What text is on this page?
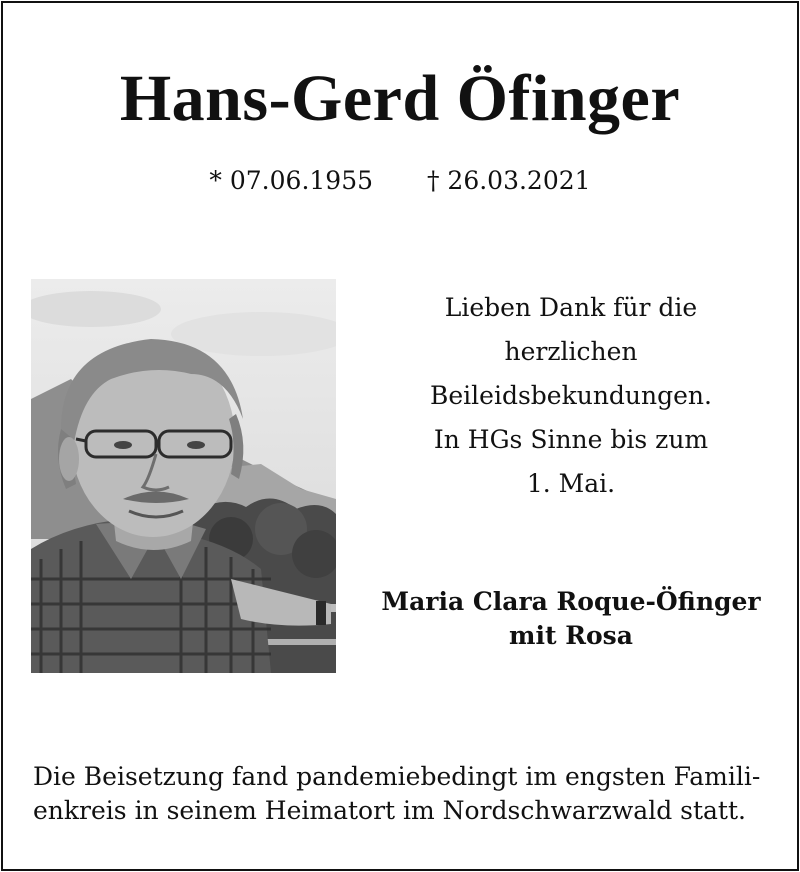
Hans-Gerd Öfinger
* 07.06.1955 † 26.03.2021
Lieben Dank für die
herzlichen
Beileidsbekundungen.
In HGs Sinne bis zum
1. Mai.
Maria Clara Roque-Öfinger
mit Rosa
Die Beisetzung fand pandemiebedingt im engsten Famili-
enkreis in seinem Heimatort im Nordschwarzwald statt.
